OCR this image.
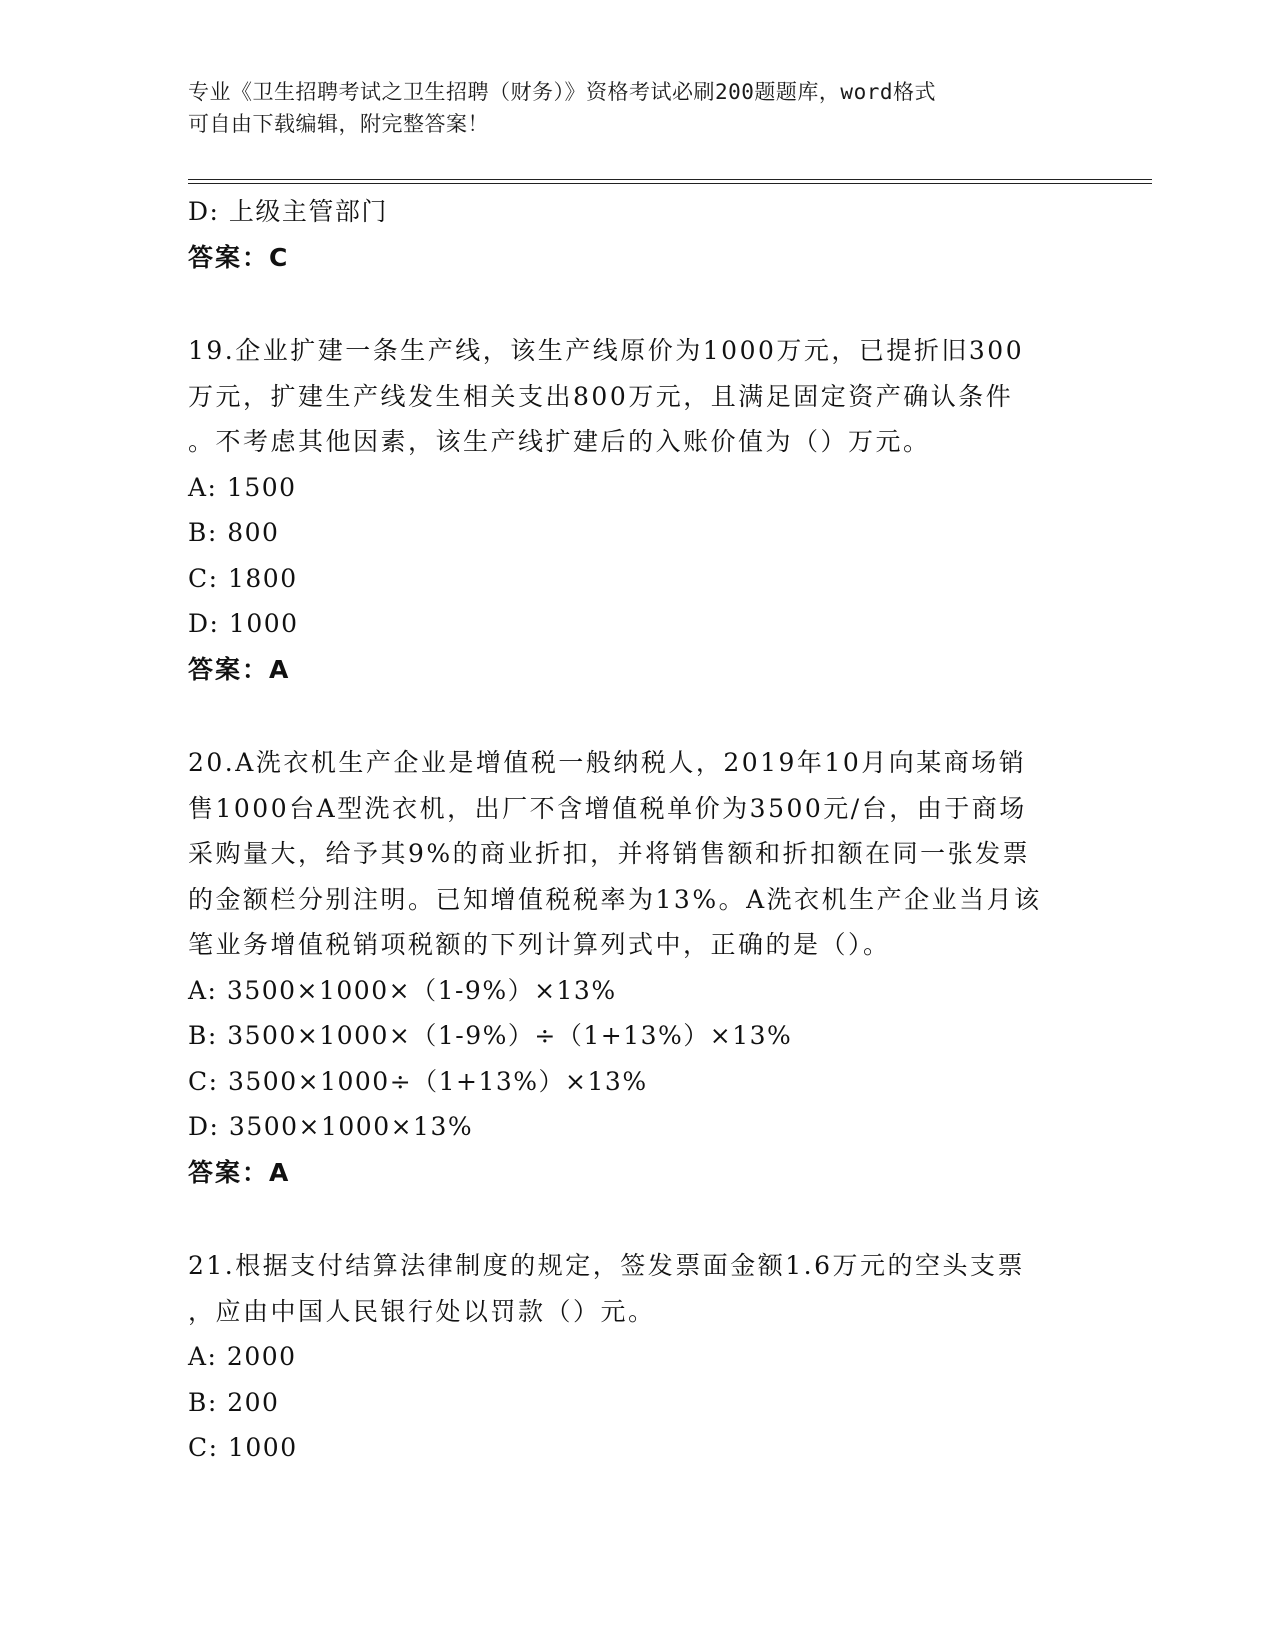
专业《卫生招聘考试之卫生招聘（财务）》资格考试必刷200题题库，word格式
可自由下载编辑，附完整答案！
D: 上级主管部门
答案：C
19.企业扩建一条生产线，该生产线原价为1000万元，已提折旧300
万元，扩建生产线发生相关支出800万元，且满足固定资产确认条件
。不考虑其他因素，该生产线扩建后的入账价值为（）万元。
A: 1500
B: 800
C: 1800
D: 1000
答案：A
20.A洗衣机生产企业是增值税一般纳税人，2019年10月向某商场销
售1000台A型洗衣机，出厂不含增值税单价为3500元/台，由于商场
采购量大，给予其9%的商业折扣，并将销售额和折扣额在同一张发票
的金额栏分别注明。已知增值税税率为13%。A洗衣机生产企业当月该
笔业务增值税销项税额的下列计算列式中，正确的是（）。
A: 3500×1000×（1-9%）×13%
B: 3500×1000×（1-9%）÷（1+13%）×13%
C: 3500×1000÷（1+13%）×13%
D: 3500×1000×13%
答案：A
21.根据支付结算法律制度的规定，签发票面金额1.6万元的空头支票
，应由中国人民银行处以罚款（）元。
A: 2000
B: 200
C: 1000
